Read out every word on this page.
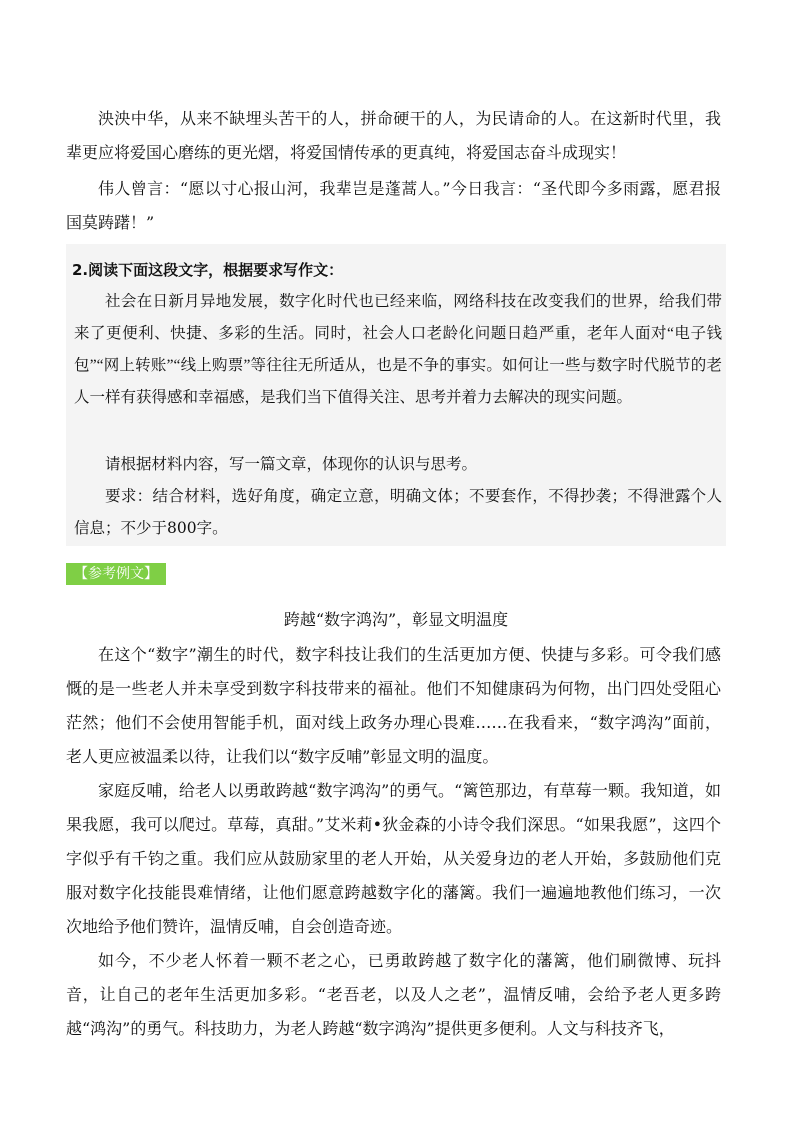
泱泱中华，从来不缺埋头苦干的人，拼命硬干的人，为民请命的人。在这新时代里，我辈更应将爱国心磨练的更光熠，将爱国情传承的更真纯，将爱国志奋斗成现实！

伟人曾言：“愿以寸心报山河，我辈岂是蓬蒿人。”今日我言：“圣代即今多雨露，愿君报国莫踌躇！”

2.阅读下面这段文字，根据要求写作文：

社会在日新月异地发展，数字化时代也已经来临，网络科技在改变我们的世界，给我们带来了更便利、快捷、多彩的生活。同时，社会人口老龄化问题日趋严重，老年人面对“电子钱包”“网上转账”“线上购票”等往往无所适从，也是不争的事实。如何让一些与数字时代脱节的老人一样有获得感和幸福感，是我们当下值得关注、思考并着力去解决的现实问题。

请根据材料内容，写一篇文章，体现你的认识与思考。

要求：结合材料，选好角度，确定立意，明确文体；不要套作，不得抄袭；不得泄露个人信息；不少于800字。

【参考例文】

跨越“数字鸿沟”，彰显文明温度

在这个“数字”潮生的时代，数字科技让我们的生活更加方便、快捷与多彩。可令我们感慨的是一些老人并未享受到数字科技带来的福祉。他们不知健康码为何物，出门四处受阻心茫然；他们不会使用智能手机，面对线上政务办理心畏难……在我看来，“数字鸿沟”面前，老人更应被温柔以待，让我们以“数字反哺”彰显文明的温度。

家庭反哺，给老人以勇敢跨越“数字鸿沟”的勇气。“篱笆那边，有草莓一颗。我知道，如果我愿，我可以爬过。草莓，真甜。”艾米莉•狄金森的小诗令我们深思。“如果我愿”，这四个字似乎有千钧之重。我们应从鼓励家里的老人开始，从关爱身边的老人开始，多鼓励他们克服对数字化技能畏难情绪，让他们愿意跨越数字化的藩篱。我们一遍遍地教他们练习，一次次地给予他们赞许，温情反哺，自会创造奇迹。

如今，不少老人怀着一颗不老之心，已勇敢跨越了数字化的藩篱，他们刷微博、玩抖音，让自己的老年生活更加多彩。“老吾老，以及人之老”，温情反哺，会给予老人更多跨越“鸿沟”的勇气。科技助力，为老人跨越“数字鸿沟”提供更多便利。人文与科技齐飞，
